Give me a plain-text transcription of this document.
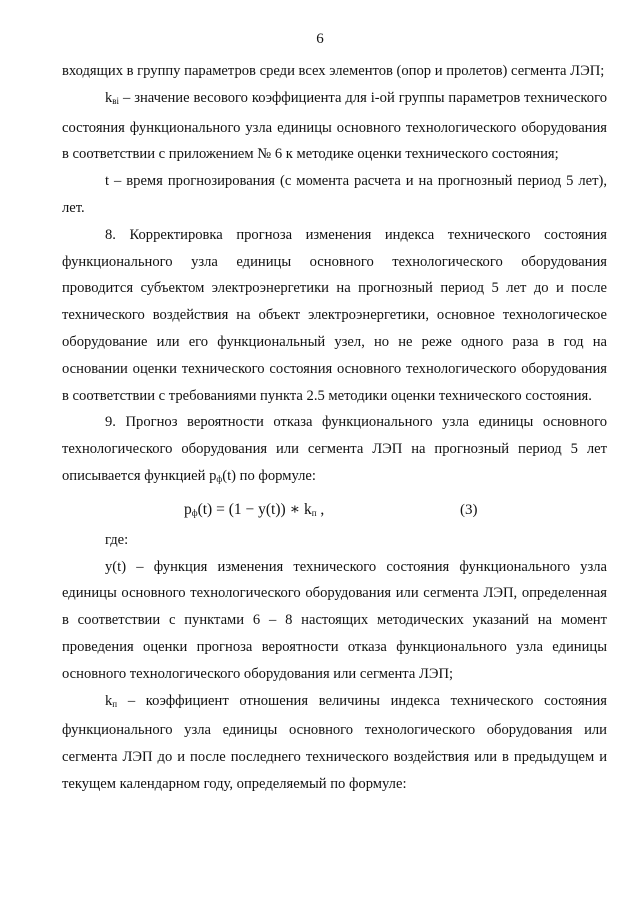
6

входящих в группу параметров среди всех элементов (опор и пролетов) сегмента ЛЭП;

$k_{вi}$ – значение весового коэффициента для i-ой группы параметров технического состояния функционального узла единицы основного технологического оборудования в соответствии с приложением № 6 к методике оценки технического состояния;

t – время прогнозирования (с момента расчета и на прогнозный период 5 лет), лет.

8. Корректировка прогноза изменения индекса технического состояния функционального узла единицы основного технологического оборудования проводится субъектом электроэнергетики на прогнозный период 5 лет до и после технического воздействия на объект электроэнергетики, основное технологическое оборудование или его функциональный узел, но не реже одного раза в год на основании оценки технического состояния основного технологического оборудования в соответствии с требованиями пункта 2.5 методики оценки технического состояния.

9. Прогноз вероятности отказа функционального узла единицы основного технологического оборудования или сегмента ЛЭП на прогнозный период 5 лет описывается функцией $p_ф(t)$ по формуле:

$p_ф(t) = (1 - y(t))$ ∗ $k_п$ ,	(3)

где:

y(t) – функция изменения технического состояния функционального узла единицы основного технологического оборудования или сегмента ЛЭП, определенная в соответствии с пунктами 6 – 8 настоящих методических указаний на момент проведения оценки прогноза вероятности отказа функционального узла единицы основного технологического оборудования или сегмента ЛЭП;

$k_п$ – коэффициент отношения величины индекса технического состояния функционального узла единицы основного технологического оборудования или сегмента ЛЭП до и после последнего технического воздействия или в предыдущем и текущем календарном году, определяемый по формуле:
